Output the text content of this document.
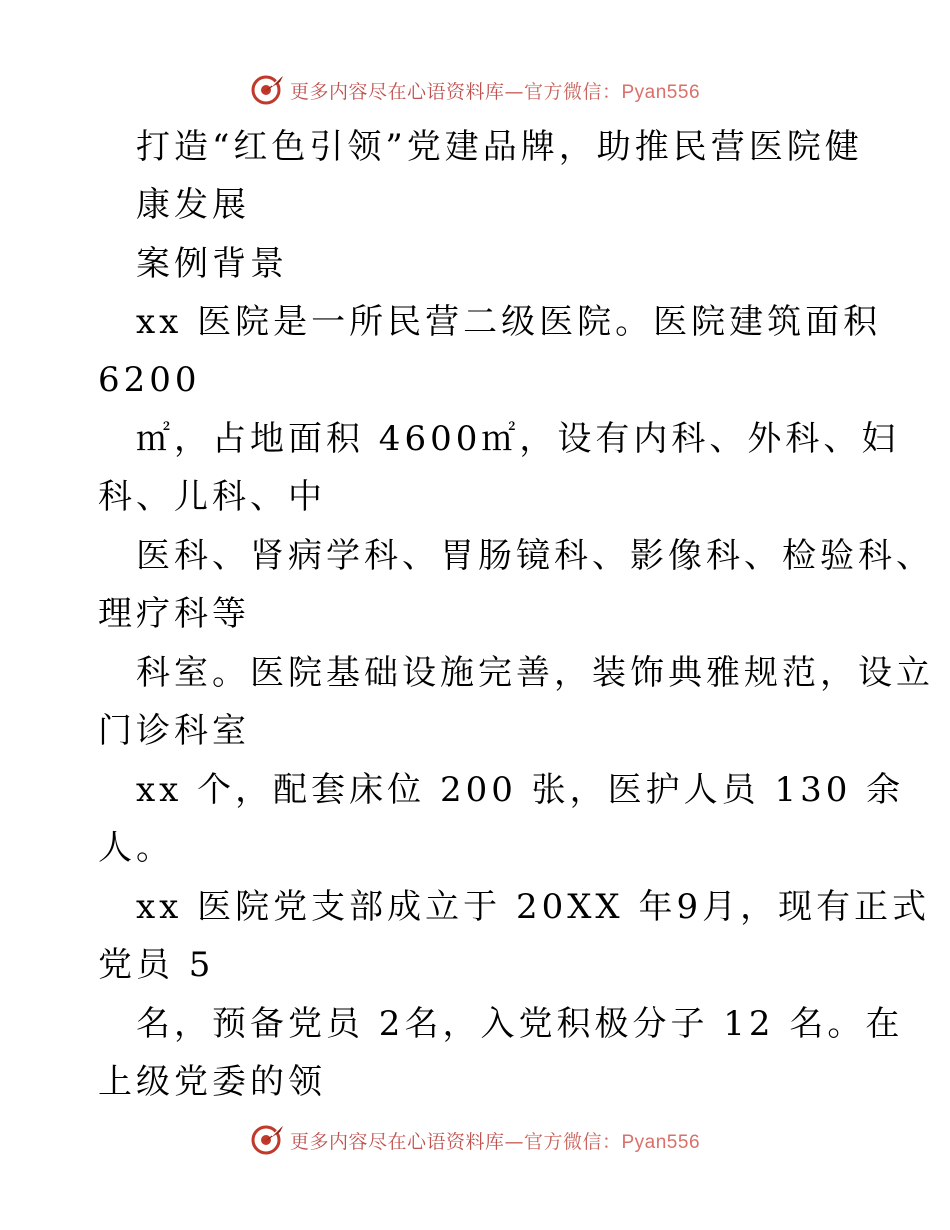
更多内容尽在心语资料库—官方微信：Pyan556
打造“红色引领”党建品牌，助推民营医院健
康发展
案例背景
xx 医院是一所民营二级医院。医院建筑面积
6200
㎡，占地面积 4600㎡，设有内科、外科、妇
科、儿科、中
医科、肾病学科、胃肠镜科、影像科、检验科、
理疗科等
科室。医院基础设施完善，装饰典雅规范，设立
门诊科室
xx 个，配套床位 200 张，医护人员 130 余
人。
xx 医院党支部成立于 20XX 年9月，现有正式
党员 5
名，预备党员 2名，入党积极分子 12 名。在
上级党委的领
更多内容尽在心语资料库—官方微信：Pyan556
